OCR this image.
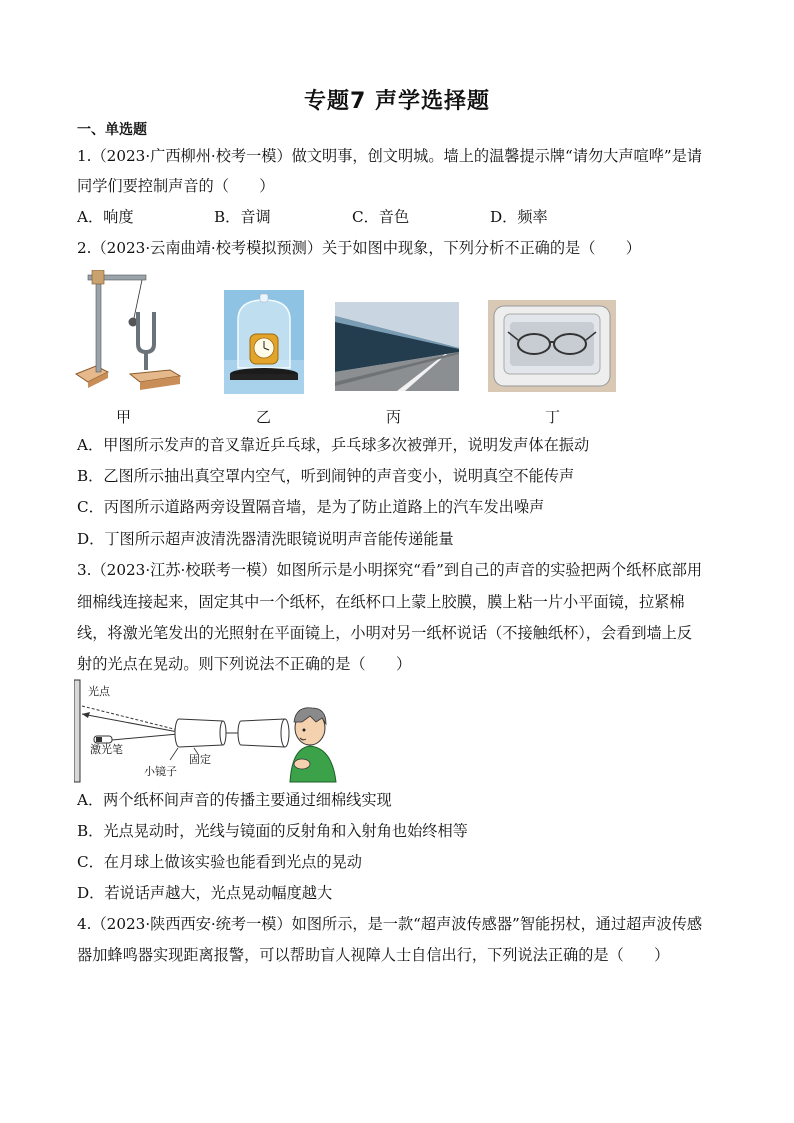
专题7 声学选择题
一、单选题
1.（2023·广西柳州·校考一模）做文明事，创文明城。墙上的温馨提示牌“请勿大声喧哗”是请
同学们要控制声音的（　　）
A．响度	B．音调	C．音色	D．频率
2.（2023·云南曲靖·校考模拟预测）关于如图中现象，下列分析不正确的是（　　）
甲	乙	丙	丁
A．甲图所示发声的音叉靠近乒乓球，乒乓球多次被弹开，说明发声体在振动
B．乙图所示抽出真空罩内空气，听到闹钟的声音变小，说明真空不能传声
C．丙图所示道路两旁设置隔音墙，是为了防止道路上的汽车发出噪声
D．丁图所示超声波清洗器清洗眼镜说明声音能传递能量
3.（2023·江苏·校联考一模）如图所示是小明探究“看”到自己的声音的实验把两个纸杯底部用
细棉线连接起来，固定其中一个纸杯，在纸杯口上蒙上胶膜，膜上粘一片小平面镜，拉紧棉
线，将激光笔发出的光照射在平面镜上，小明对另一纸杯说话（不接触纸杯），会看到墙上反
射的光点在晃动。则下列说法不正确的是（　　）
光点
激光笔
小镜子
固定
A．两个纸杯间声音的传播主要通过细棉线实现
B．光点晃动时，光线与镜面的反射角和入射角也始终相等
C．在月球上做该实验也能看到光点的晃动
D．若说话声越大，光点晃动幅度越大
4.（2023·陕西西安·统考一模）如图所示，是一款“超声波传感器”智能拐杖，通过超声波传感
器加蜂鸣器实现距离报警，可以帮助盲人视障人士自信出行，下列说法正确的是（　　）
